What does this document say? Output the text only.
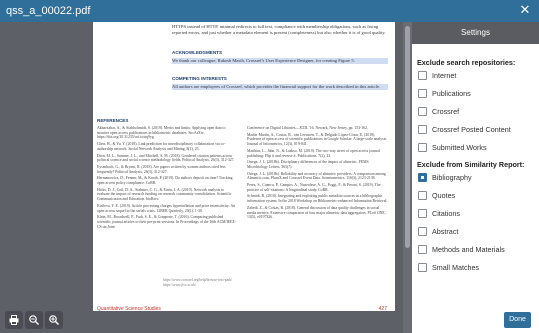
qss_a_00022.pdf	✕
HTTPS instead of HTTP, minimal redirects to full text, compliance with membership obligations, such as fixing reported errors, and just whether a metadata element is present (completeness) but also whether it is of good quality.
ACKNOWLEDGMENTS
We thank our colleague, Rakesh Masih, Crossref's User Experience Designer, for creating Figure 5.
COMPETING INTERESTS
All authors are employees of Crossref, which provides the financial support for the work described in this article.
REFERENCES
Akbaritabar, A., & Stahlschmidt, S. (2019). Merits and limits: Applying open data to monitor open access publications in bibliometric databases. SocArXiv. https://doi.org/10.31235/osf.io/nq9yg
Chen, H., & Yu, Y. (2018). Link prediction for interdisciplinary collaboration via co-authorship network. Social Network Analysis and Mining, 8(1), 25.
Dion, M. L., Sumner, J. L., and Mitchell, S. M. (2018). Gendered citation patterns across political science and social science methodology fields. Political Analysis, 26(3), 312-327.
Eysenbach, G., & Bryant, R. (2018). Are papers written by women authors cited less frequently? Political Analysis, 26(3), 312-327.
Hermanowicz, D., Fenner, M., & Knoth, P. (2019). Do authors deposit on time? Tracking open access policy compliance. CoRR.
Hicks, D. J., Coil, D. A., Stahmer, C. G., & Eisen, J. A. (2019). Network analysis to evaluate the impact of research funding on research community consolidation. Scientific Communication and Education. bioRxiv.
Kirilova, Y. E. (2019). Article processing charges hyperinflation and price insensitivity: An open access sequel to the serials crisis. LIBER Quarterly, 29(1), 1-30.
Klein, M., Broadwell, P., Farb, S. E., & Grappone, T. (2016). Comparing published scientific journal articles to their pre-print versions. In Proceedings of the 16th ACM/IEEE-CS on Joint
Conference on Digital Libraries—JCDL '16, Newark, New Jersey, pp. 153-162.
Martín-Martín, A., Costas, R., van Leeuwen, T., & Delgado López-Cózar, E. (2018). Evidence of open access of scientific publications in Google Scholar: A large-scale analysis. Journal of Informetrics, 12(3), 819-841.
Matthias, L., Jahn, N., & Laakso, M. (2019). The two-way street of open access journal publishing: Flip it and reverse it. Publications, 7(2), 23.
Ortega, J. L. (2018b). Disciplinary differences of the impact of altmetric. FEMS Microbiology Letters, 365(7).
Ortega, J. L. (2018b). Reliability and accuracy of altmetric providers: A comparison among Altmetric.com, PlumX and Crossref Event Data. Scientometrics, 116(3), 2123-2138.
Perez, S., Cuenca, P., Campos, A., Nuzzolese, A. G., Poggi, F., & Peroni, S. (2019). The practice of self-citations: A longitudinal study. CoRR.
Schmidt, B. (2018). Integrating and exploiting public metadata sources in a bibliographic information system. In the 2018 Workshop on Bibliometric-enhanced Information Retrieval.
Zahedi, Z., & Costas, R. (2018). General discussion of data quality challenges in social media metrics: Extensive comparison of four major altmetric data aggregators. PLoS ONE, 13(5), e0197326.
https://www.crossref.org/help/browse-text-path/
https://www.jisc.ac.uk/
Quantitative Science Studies	427
Settings
Exclude search repositories:
Internet
Publications
Crossref
Crossref Posted Content
Submitted Works
Exclude from Similarity Report:
Bibliography
Quotes
Citations
Abstract
Methods and Materials
Small Matches
Done
